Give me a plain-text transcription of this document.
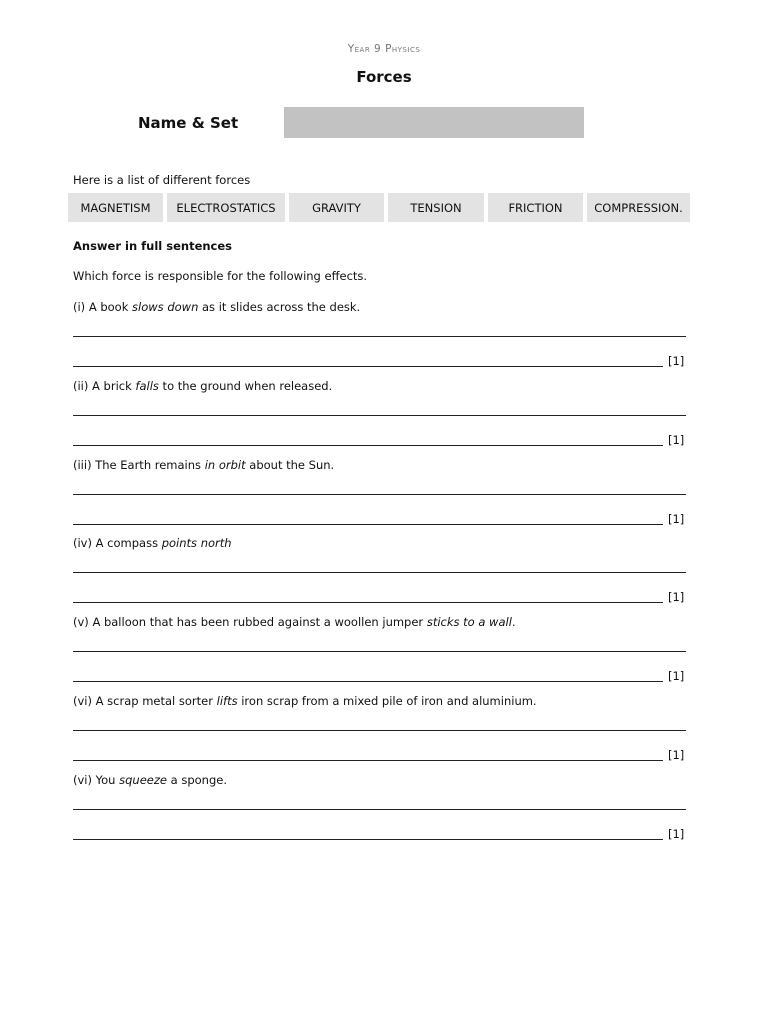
Year 9 Physics
Forces
Name & Set
Here is a list of different forces
MAGNETISM	ELECTROSTATICS	GRAVITY	TENSION	FRICTION	COMPRESSION.
Answer in full sentences
Which force is responsible for the following effects.
(i) A book slows down as it slides across the desk.
[1]
(ii) A brick falls to the ground when released.
[1]
(iii) The Earth remains in orbit about the Sun.
[1]
(iv) A compass points north
[1]
(v) A balloon that has been rubbed against a woollen jumper sticks to a wall.
[1]
(vi) A scrap metal sorter lifts iron scrap from a mixed pile of iron and aluminium.
[1]
(vi) You squeeze a sponge.
[1]
